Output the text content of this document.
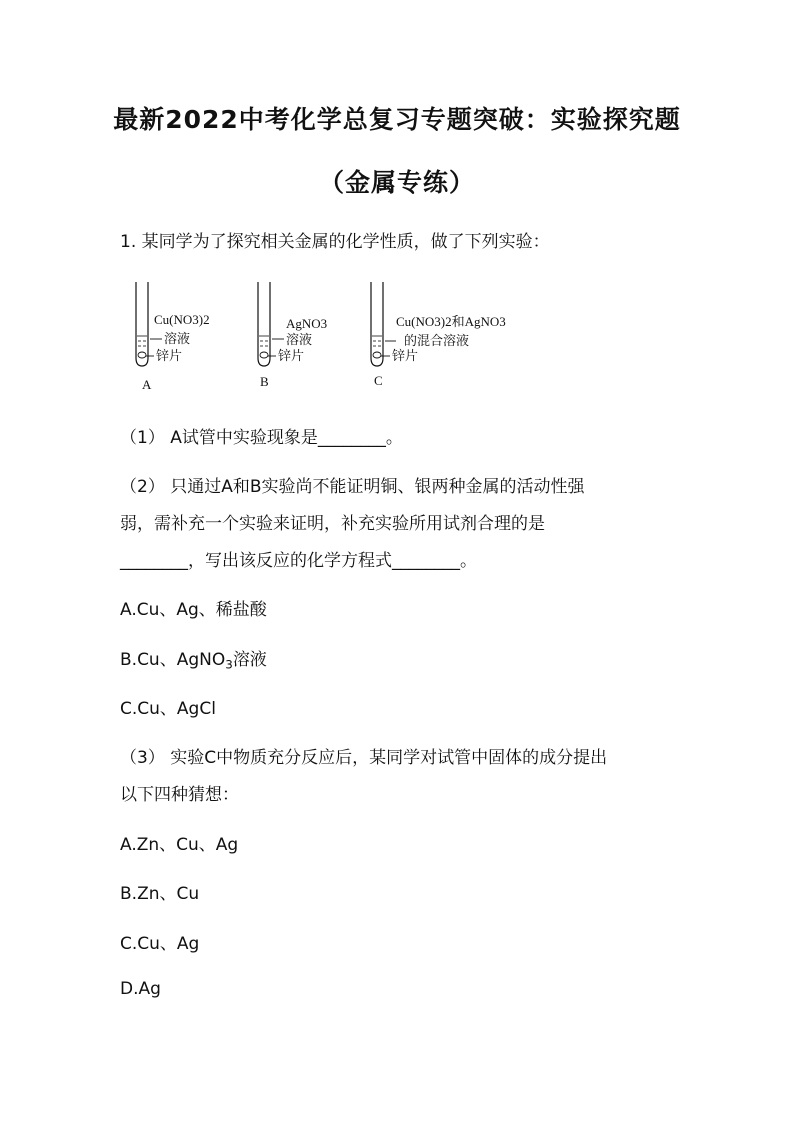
最新2022中考化学总复习专题突破：实验探究题
（金属专练）
1. 某同学为了探究相关金属的化学性质，做了下列实验：
Cu(NO3)2
溶液
锌片
A
AgNO3
溶液
锌片
B
Cu(NO3)2和AgNO3
的混合溶液
锌片
C
（1） A试管中实验现象是________。
（2） 只通过A和B实验尚不能证明铜、银两种金属的活动性强
弱，需补充一个实验来证明，补充实验所用试剂合理的是
________，写出该反应的化学方程式________。
A.Cu、Ag、稀盐酸
B.Cu、AgNO$_3$溶液
C.Cu、AgCl
（3） 实验C中物质充分反应后，某同学对试管中固体的成分提出
以下四种猜想：
A.Zn、Cu、Ag
B.Zn、Cu
C.Cu、Ag
D.Ag
